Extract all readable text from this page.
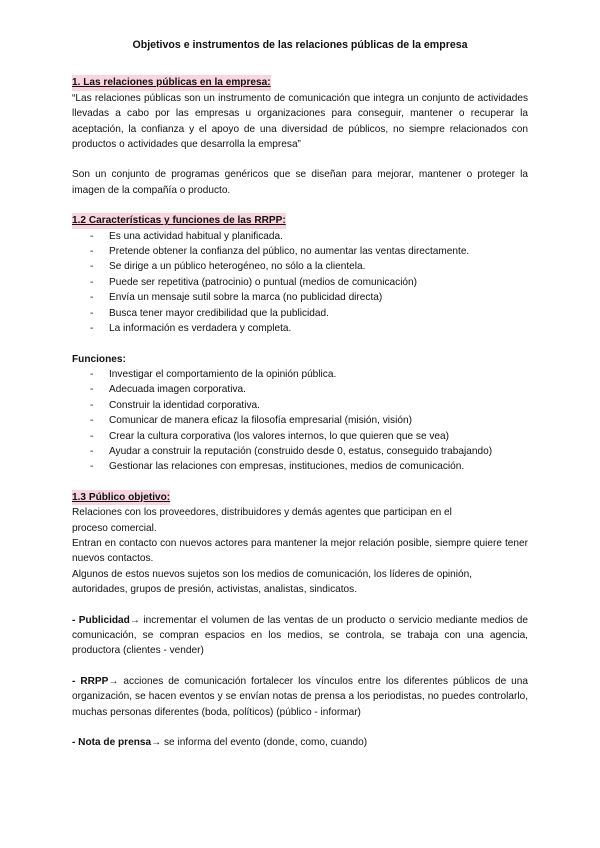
Objetivos e instrumentos de las relaciones públicas de la empresa

1. Las relaciones públicas en la empresa:

“Las relaciones públicas son un instrumento de comunicación que integra un conjunto de actividades llevadas a cabo por las empresas u organizaciones para conseguir, mantener o recuperar la aceptación, la confianza y el apoyo de una diversidad de públicos, no siempre relacionados con productos o actividades que desarrolla la empresa”

Son un conjunto de programas genéricos que se diseñan para mejorar, mantener o proteger la imagen de la compañía o producto.

1.2 Características y funciones de las RRPP:
- Es una actividad habitual y planificada.
- Pretende obtener la confianza del público, no aumentar las ventas directamente.
- Se dirige a un público heterogéneo, no sólo a la clientela.
- Puede ser repetitiva (patrocinio) o puntual (medios de comunicación)
- Envía un mensaje sutil sobre la marca (no publicidad directa)
- Busca tener mayor credibilidad que la publicidad.
- La información es verdadera y completa.
Funciones:
- Investigar el comportamiento de la opinión pública.
- Adecuada imagen corporativa.
- Construir la identidad corporativa.
- Comunicar de manera eficaz la filosofía empresarial (misión, visión)
- Crear la cultura corporativa (los valores internos, lo que quieren que se vea)
- Ayudar a construir la reputación (construido desde 0, estatus, conseguido trabajando)
- Gestionar las relaciones con empresas, instituciones, medios de comunicación.
1.3 Público objetivo:

Relaciones con los proveedores, distribuidores y demás agentes que participan en el

proceso comercial.

Entran en contacto con nuevos actores para mantener la mejor relación posible, siempre quiere tener nuevos contactos.

Algunos de estos nuevos sujetos son los medios de comunicación, los líderes de opinión,

autoridades, grupos de presión, activistas, analistas, sindicatos.

- Publicidad→ incrementar el volumen de las ventas de un producto o servicio mediante medios de comunicación, se compran espacios en los medios, se controla, se trabaja con una agencia, productora (clientes - vender)

- RRPP→ acciones de comunicación fortalecer los vínculos entre los diferentes públicos de una organización, se hacen eventos y se envían notas de prensa a los periodistas, no puedes controlarlo, muchas personas diferentes (boda, políticos) (público - informar)

- Nota de prensa→ se informa del evento (donde, como, cuando)
